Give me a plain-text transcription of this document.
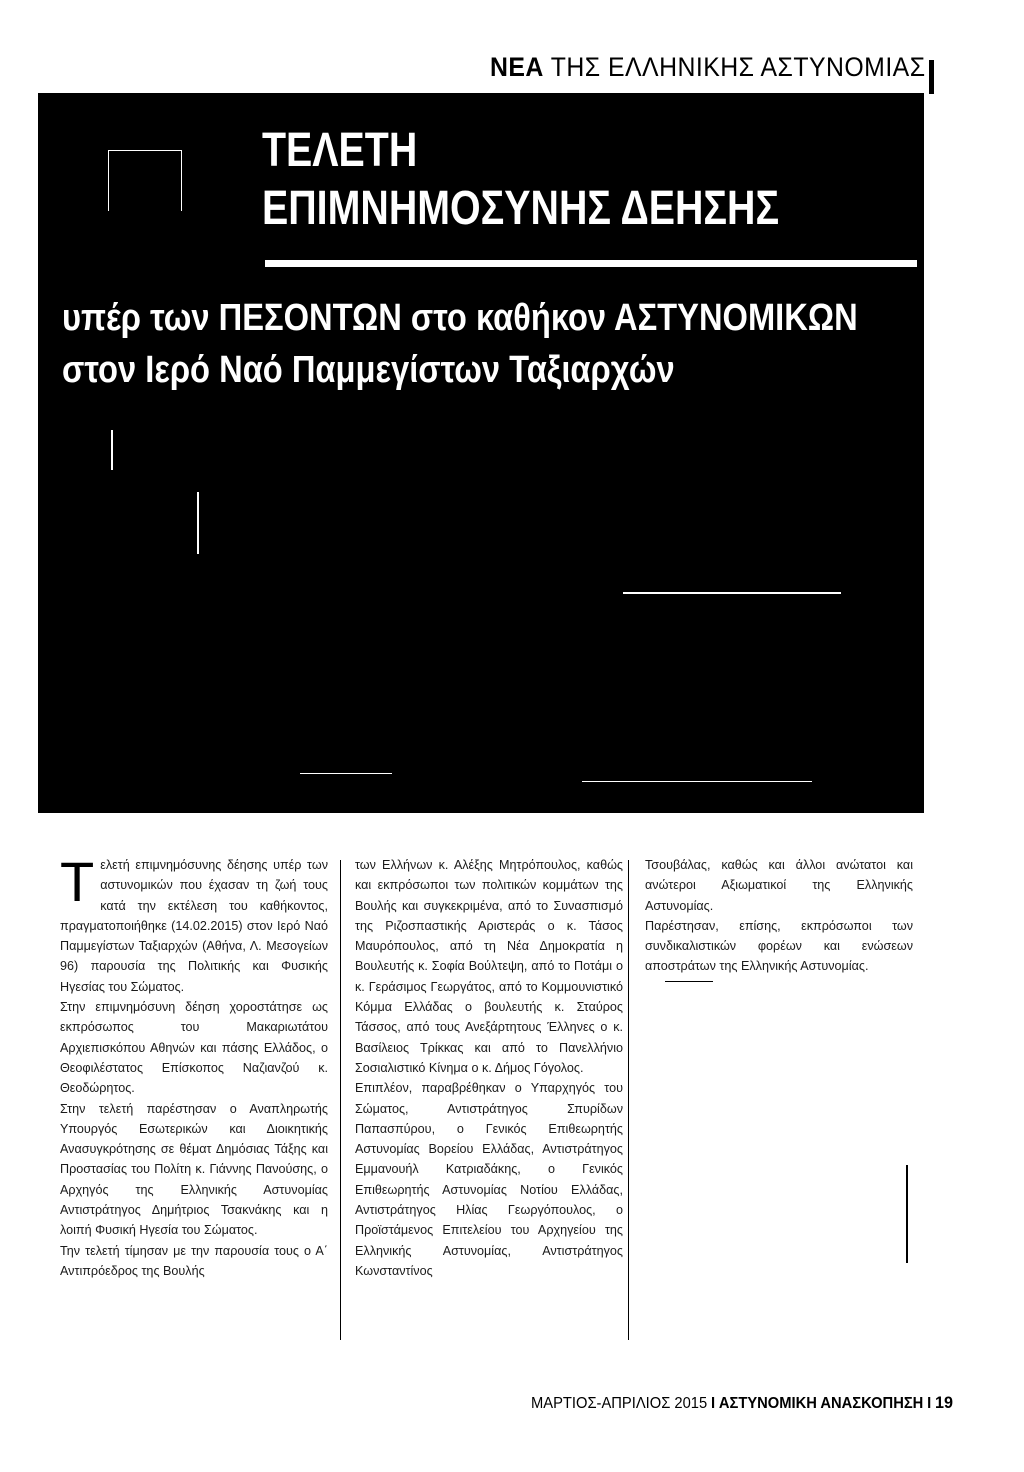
ΝΕΑ ΤΗΣ ΕΛΛΗΝΙΚΗΣ ΑΣΤΥΝΟΜΙΑΣ
ΤΕΛΕΤΗ
ΕΠΙΜΝΗΜΟΣΥΝΗΣ ΔΕΗΣΗΣ
υπέρ των ΠΕΣΟΝΤΩΝ στο καθήκον ΑΣΤΥΝΟΜΙΚΩΝ
στον Ιερό Ναό Παμμεγίστων Ταξιαρχών

Τελετή επιμνημόσυνης δέησης υπέρ των αστυνομικών που έχασαν τη ζωή τους κατά την εκτέλεση του καθήκοντος, πραγματοποιήθηκε (14.02.2015) στον Ιερό Ναό Παμμεγίστων Ταξιαρχών (Αθήνα, Λ. Μεσογείων 96) παρουσία της Πολιτικής και Φυσικής Ηγεσίας του Σώματος.

Στην επιμνημόσυνη δέηση χοροστάτησε ως εκπρόσωπος του Μακαριωτάτου Αρχιεπισκόπου Αθηνών και πάσης Ελλάδος, ο Θεοφιλέστατος Επίσκοπος Ναζιανζού κ. Θεοδώρητος.

Στην τελετή παρέστησαν ο Αναπληρωτής Υπουργός Εσωτερικών και Διοικητικής Ανασυγκρότησης σε θέματ Δημόσιας Τάξης και Προστασίας του Πολίτη κ. Γιάννης Πανούσης, ο Αρχηγός της Ελληνικής Αστυνομίας Αντιστράτηγος Δημήτριος Τσακνάκης και η λοιπή Φυσική Ηγεσία του Σώματος.

Την τελετή τίμησαν με την παρουσία τους ο Α΄ Αντιπρόεδρος της Βουλής

των Ελλήνων κ. Αλέξης Μητρόπουλος, καθώς και εκπρόσωποι των πολιτικών κομμάτων της Βουλής και συγκεκριμένα, από το Συνασπισμό της Ριζοσπαστικής Αριστεράς ο κ. Τάσος Μαυρόπουλος, από τη Νέα Δημοκρατία η Βουλευτής κ. Σοφία Βούλτεψη, από το Ποτάμι ο κ. Γεράσιμος Γεωργάτος, από το Κομμουνιστικό Κόμμα Ελλάδας ο βουλευτής κ. Σταύρος Τάσσος, από τους Ανεξάρτητους Έλληνες ο κ. Βασίλειος Τρίκκας και από το Πανελλήνιο Σοσιαλιστικό Κίνημα ο κ. Δήμος Γόγολος.

Επιπλέον, παραβρέθηκαν ο Υπαρχηγός του Σώματος, Αντιστράτηγος Σπυρίδων Παπασπύρου, ο Γενικός Επιθεωρητής Αστυνομίας Βορείου Ελλάδας, Αντιστράτηγος Εμμανουήλ Κατριαδάκης, ο Γενικός Επιθεωρητής Αστυνομίας Νοτίου Ελλάδας, Αντιστράτηγος Ηλίας Γεωργόπουλος, ο Προϊστάμενος Επιτελείου του Αρχηγείου της Ελληνικής Αστυνομίας, Αντιστράτηγος Κωνσταντίνος

Τσουβάλας, καθώς και άλλοι ανώτατοι και ανώτεροι Αξιωματικοί της Ελληνικής Αστυνομίας.

Παρέστησαν, επίσης, εκπρόσωποι των συνδικαλιστικών φορέων και ενώσεων αποστράτων της Ελληνικής Αστυνομίας.

ΜΑΡΤΙΟΣ-ΑΠΡΙΛΙΟΣ 2015 I ΑΣΤΥΝΟΜΙΚΗ ΑΝΑΣΚΟΠΗΣΗ I 19
